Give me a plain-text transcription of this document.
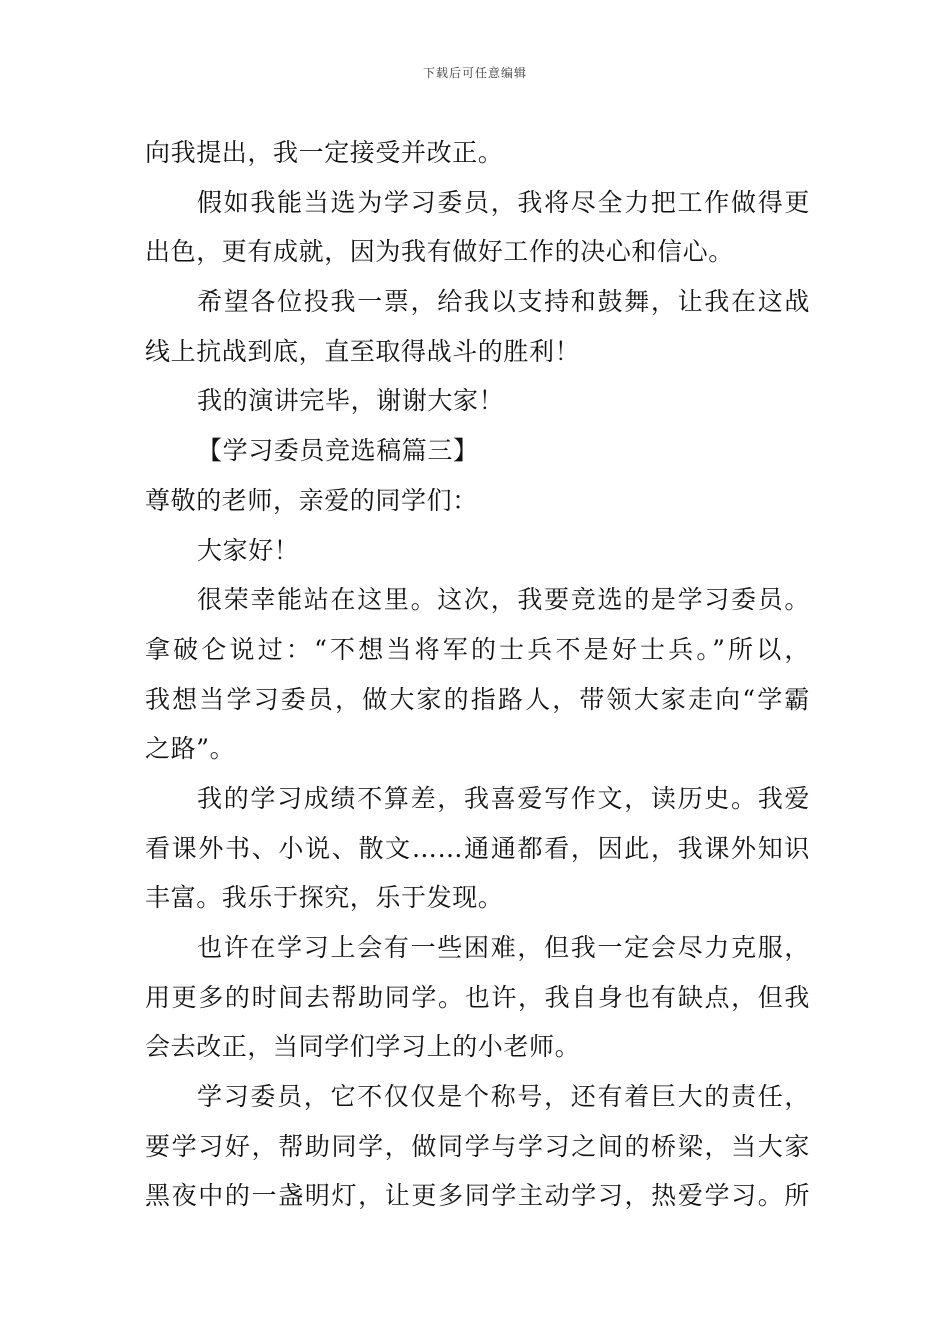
下载后可任意编辑
向我提出，我一定接受并改正。
假如我能当选为学习委员，我将尽全力把工作做得更
出色，更有成就，因为我有做好工作的决心和信心。
希望各位投我一票，给我以支持和鼓舞，让我在这战
线上抗战到底，直至取得战斗的胜利！
我的演讲完毕，谢谢大家！
【学习委员竞选稿篇三】
尊敬的老师，亲爱的同学们：
大家好！
很荣幸能站在这里。这次，我要竞选的是学习委员。
拿破仑说过：“不想当将军的士兵不是好士兵。”所以，
我想当学习委员，做大家的指路人，带领大家走向“学霸
之路”。
我的学习成绩不算差，我喜爱写作文，读历史。我爱
看课外书、小说、散文……通通都看，因此，我课外知识
丰富。我乐于探究，乐于发现。
也许在学习上会有一些困难，但我一定会尽力克服，
用更多的时间去帮助同学。也许，我自身也有缺点，但我
会去改正，当同学们学习上的小老师。
学习委员，它不仅仅是个称号，还有着巨大的责任，
要学习好，帮助同学，做同学与学习之间的桥梁，当大家
黑夜中的一盏明灯，让更多同学主动学习，热爱学习。所
